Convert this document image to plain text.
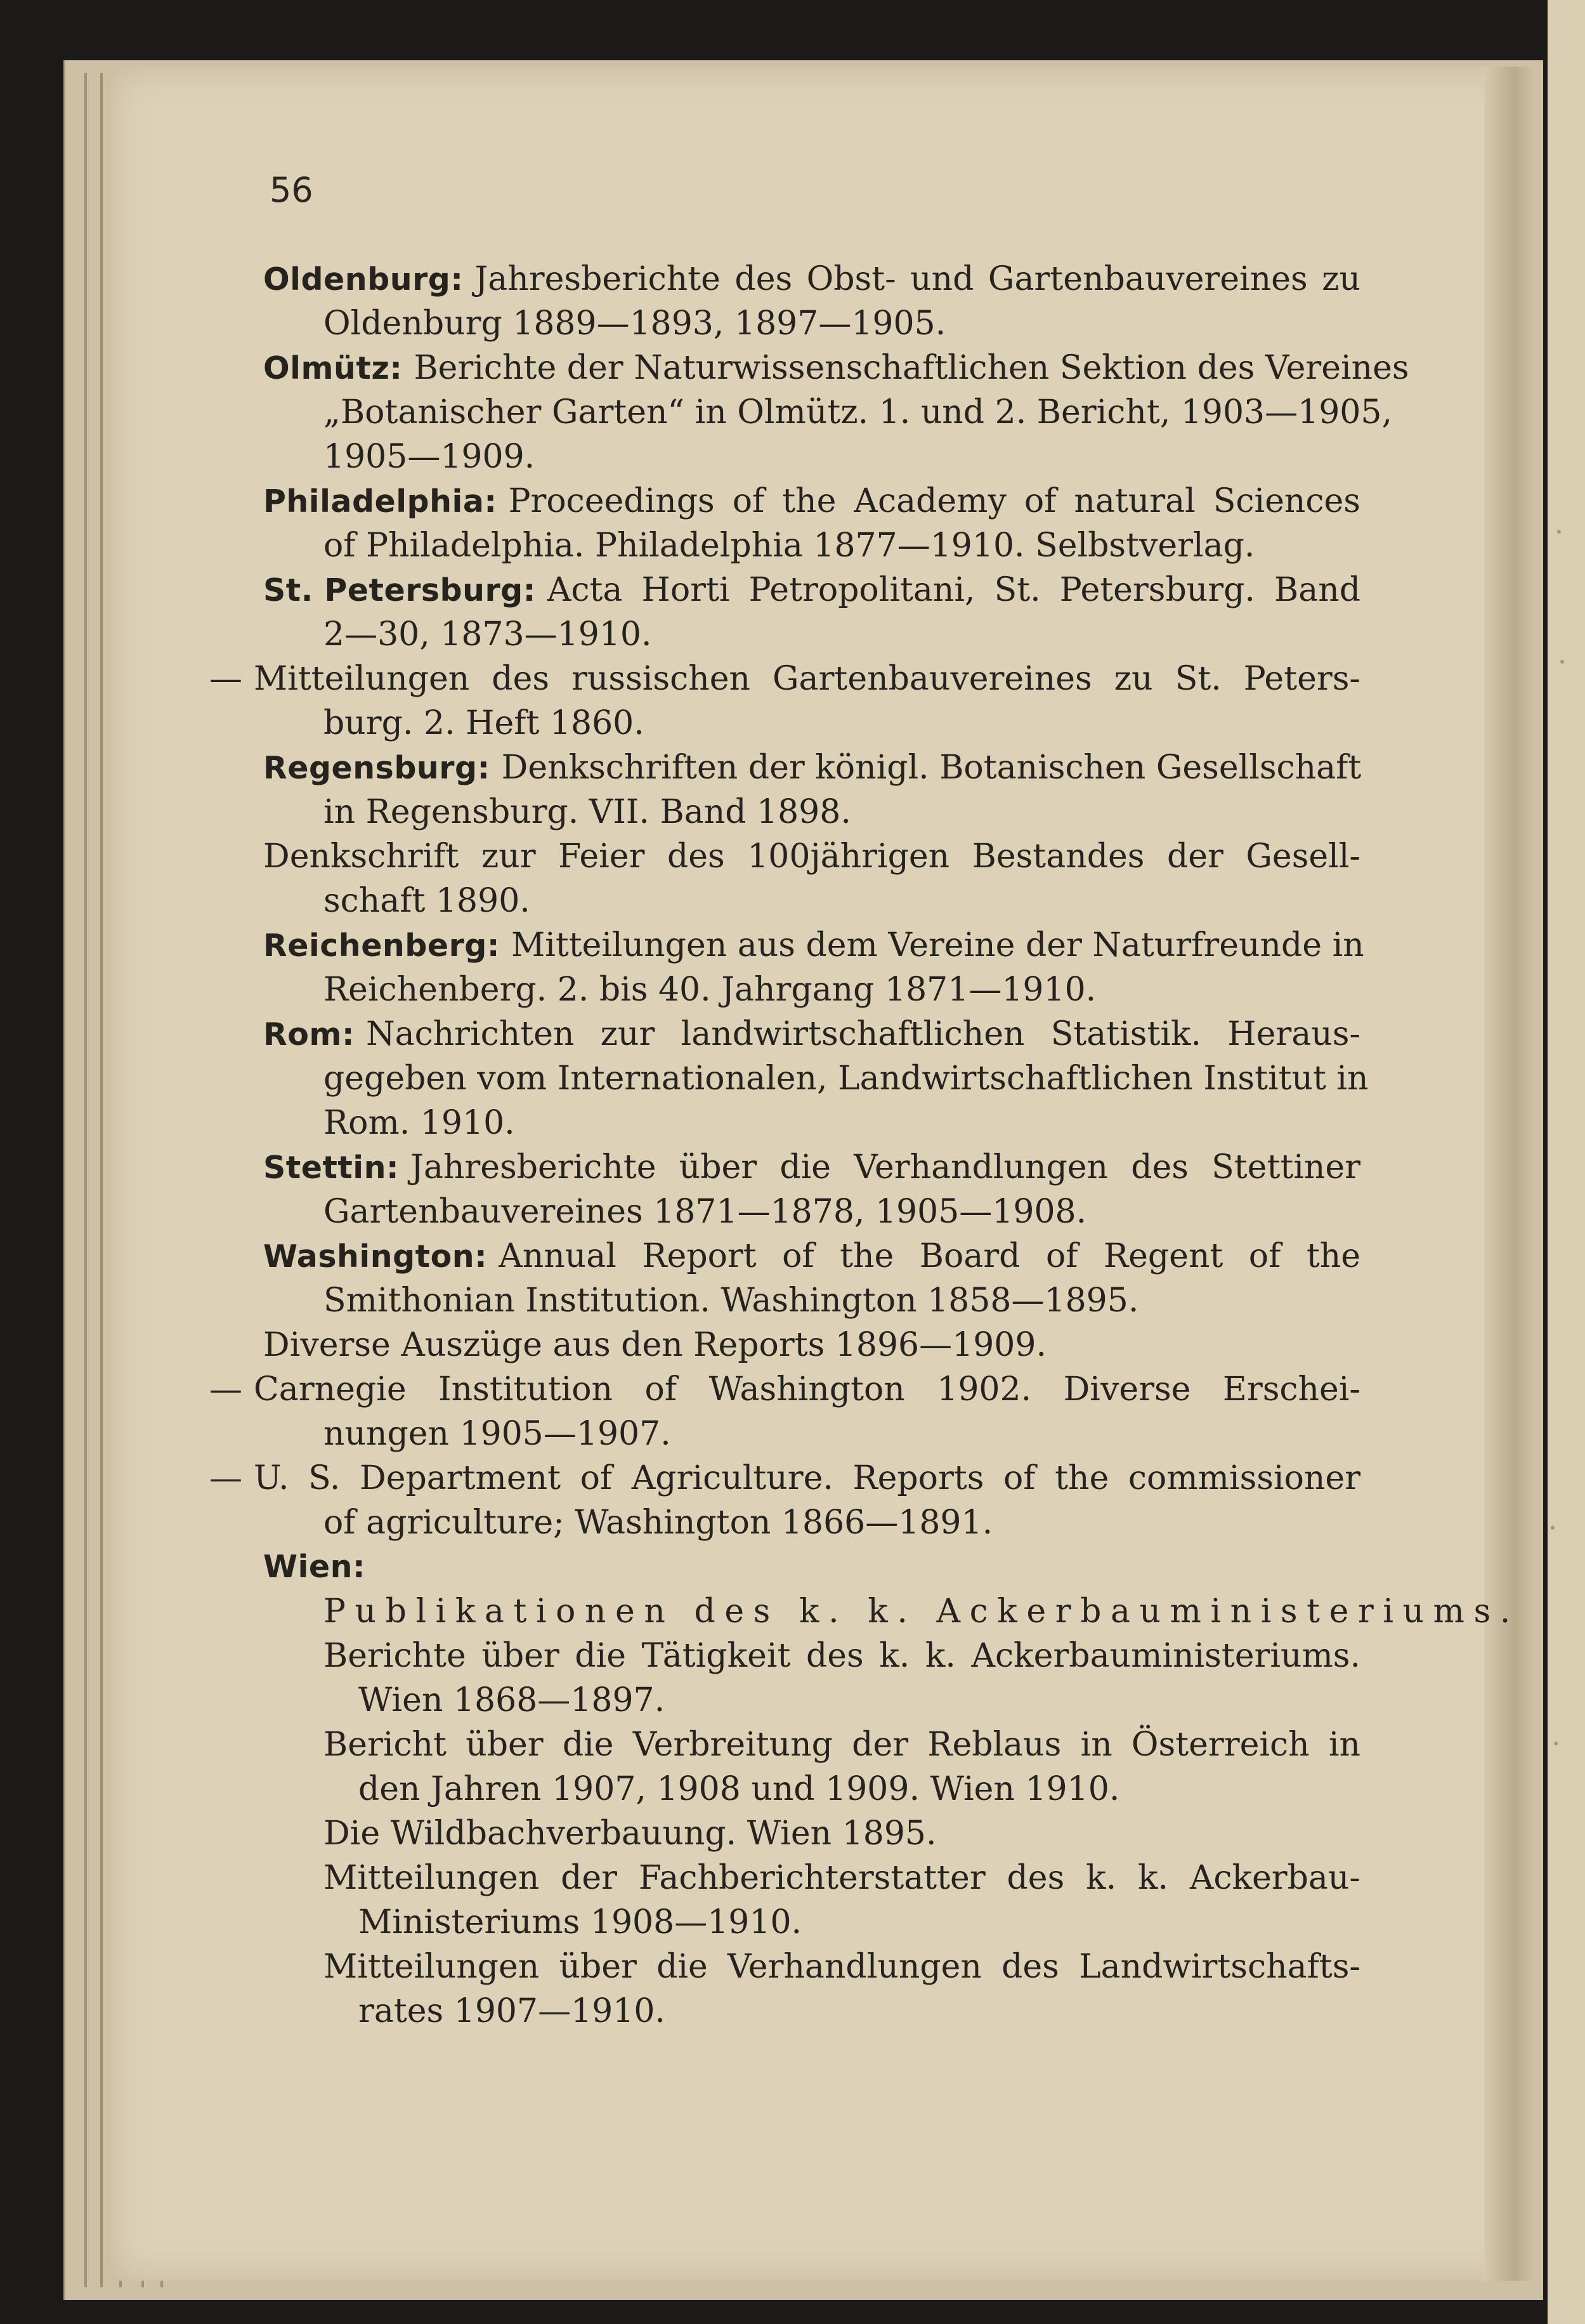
56
Oldenburg: Jahresberichte des Obst- und Gartenbauvereines zu
Oldenburg 1889—1893, 1897—1905.
Olmütz: Berichte der Naturwissenschaftlichen Sektion des Vereines
„Botanischer Garten“ in Olmütz. 1. und 2. Bericht, 1903—1905,
1905—1909.
Philadelphia: Proceedings of the Academy of natural Sciences
of Philadelphia. Philadelphia 1877—1910. Selbstverlag.
St. Petersburg: Acta Horti Petropolitani, St. Petersburg. Band
2—30, 1873—1910.
— Mitteilungen des russischen Gartenbauvereines zu St. Peters-
burg. 2. Heft 1860.
Regensburg: Denkschriften der königl. Botanischen Gesellschaft
in Regensburg. VII. Band 1898.
Denkschrift zur Feier des 100jährigen Bestandes der Gesell-
schaft 1890.
Reichenberg: Mitteilungen aus dem Vereine der Naturfreunde in
Reichenberg. 2. bis 40. Jahrgang 1871—1910.
Rom: Nachrichten zur landwirtschaftlichen Statistik. Heraus-
gegeben vom Internationalen, Landwirtschaftlichen Institut in
Rom. 1910.
Stettin: Jahresberichte über die Verhandlungen des Stettiner
Gartenbauvereines 1871—1878, 1905—1908.
Washington: Annual Report of the Board of Regent of the
Smithonian Institution. Washington 1858—1895.
Diverse Auszüge aus den Reports 1896—1909.
— Carnegie Institution of Washington 1902. Diverse Erschei-
nungen 1905—1907.
— U. S. Department of Agriculture. Reports of the commissioner
of agriculture; Washington 1866—1891.
Wien :
Publikationen des k. k. Ackerbauministeriums.
Berichte über die Tätigkeit des k. k. Ackerbauministeriums.
Wien 1868—1897.
Bericht über die Verbreitung der Reblaus in Österreich in
den Jahren 1907, 1908 und 1909. Wien 1910.
Die Wildbachverbauung. Wien 1895.
Mitteilungen der Fachberichterstatter des k. k. Ackerbau-
Ministeriums 1908—1910.
Mitteilungen über die Verhandlungen des Landwirtschafts-
rates 1907—1910.
